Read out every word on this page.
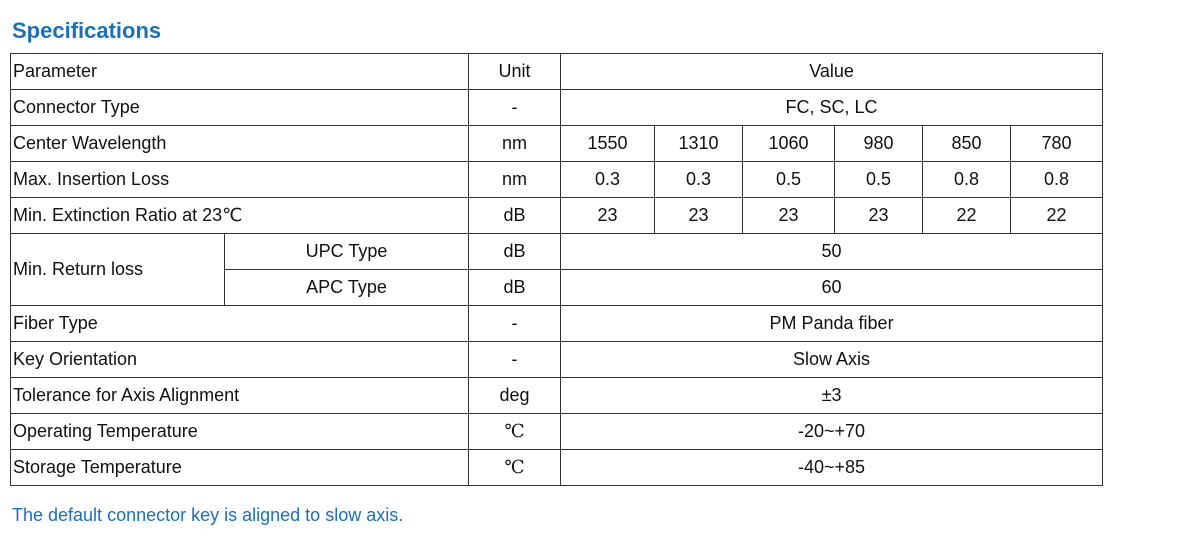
Specifications
Parameter		Unit	Value					
Connector Type		-	FC, SC, LC					
Center Wavelength		nm	1550	1310	1060	980	850	780
Max. Insertion Loss		nm	0.3	0.3	0.5	0.5	0.8	0.8
Min. Extinction Ratio at 23℃		dB	23	23	23	23	22	22
Min. Return loss	UPC Type	dB	50					
	APC Type	dB	60					
Fiber Type		-	PM Panda fiber					
Key Orientation		-	Slow Axis					
Tolerance for Axis Alignment		deg	±3					
Operating Temperature		℃	-20~+70					
Storage Temperature		℃	-40~+85					

The default connector key is aligned to slow axis.
